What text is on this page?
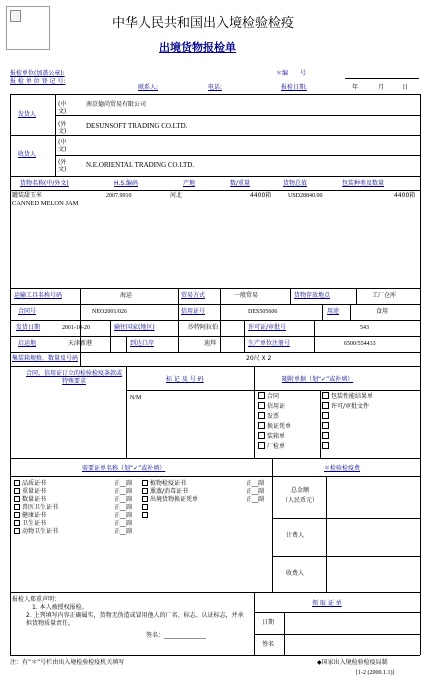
中华人民共和国出入境检验检疫
出境货物报检单
报检单位(加盖公章):	＊编　　号
报 检 单 位 登 记 号:
联系人:	电话:	报检日期:	年	月	日
发货人
(中文)
南京德尚贸易有限公司
(外文)
DESUNSOFT TRADING CO.LTD.
收货人
(中文)
(外文)
N.E.ORIENTAL TRADING CO.LTD.
货物名称(中/外文)	H.S.编码	产地	数/重量	货物总值	包装种类及数量
罐装甜玉米
CANNED MELON JAM
2007.9910	河北	4400箱	USD28840.00	4400箱
运输工具名称号码	海运	贸易方式	一般贸易	货物存放地点	工厂仓库
合同号	NEO2001/026	信用证号	DES505606	用途	食用
发货日期	2001-10-20	输往国家(地区)	沙特阿拉伯	许可证/审批号	543
启运地	天津新港	到达口岸	迪拜	生产单位注册号	6500/554433
集装箱规格、数量及号码	20尺 X 2
合同、信用证订立的检验检疫条款或特殊要求	标 记 及 号 码
N/M
随附单据（划“✓”或补填）
合同
信用证
发票
换证凭单
装箱单
厂检单
包装性能结果单
许可/审批文件
需要证单名称（划“✓”或补填）	＊检验检疫费
品质证书	正__副
重量证书	正__副
数量证书	正__副
兽医卫生证书	正__副
健康证书	正__副
卫生证书	正__副
动物卫生证书	正__副
植物检疫证书	正__副
熏蒸/消毒证书	正__副
出境货物换证凭单	正__副
总金额
（人民币元）
计费人
收费人
报检人郑重声明：
1. 本人被授权报检。
2. 上列填写内容正确属实，货物无伪造或冒用他人的厂名、标志、认证标志，并承担货物质量责任。
签名：______________
领 取 证 单
日期
签名
注：有“＊”号栏由出入境检验检疫机关填写	◆国家出入境检验检疫局制
[1-2 (2000.1.1)]
